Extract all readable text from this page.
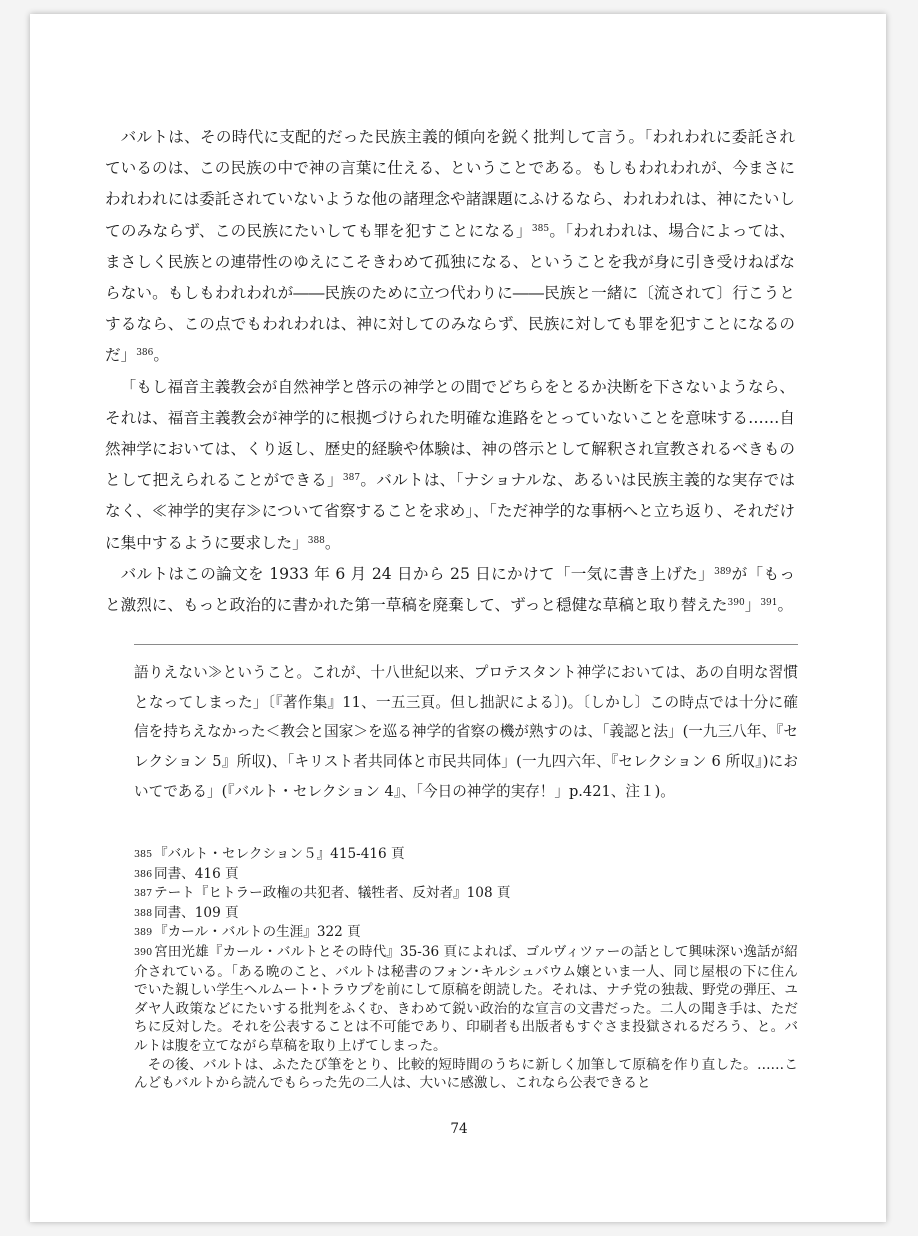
バルトは、その時代に支配的だった民族主義的傾向を鋭く批判して言う。「われわれに委託されているのは、この民族の中で神の言葉に仕える、ということである。もしもわれわれが、今まさにわれわれには委託されていないような他の諸理念や諸課題にふけるなら、われわれは、神にたいしてのみならず、この民族にたいしても罪を犯すことになる」$^{385}$。「われわれは、場合によっては、まさしく民族との連帯性のゆえにこそきわめて孤独になる、ということを我が身に引き受けねばならない。もしもわれわれが――民族のために立つ代わりに――民族と一緒に〔流されて〕行こうとするなら、この点でもわれわれは、神に対してのみならず、民族に対しても罪を犯すことになるのだ」$^{386}$。

「もし福音主義教会が自然神学と啓示の神学との間でどちらをとるか決断を下さないようなら、それは、福音主義教会が神学的に根拠づけられた明確な進路をとっていないことを意味する……自然神学においては、くり返し、歴史的経験や体験は、神の啓示として解釈され宣教されるべきものとして把えられることができる」$^{387}$。バルトは、「ナショナルな、あるいは民族主義的な実存ではなく、≪神学的実存≫について省察することを求め」、「ただ神学的な事柄へと立ち返り、それだけに集中するように要求した」$^{388}$。

バルトはこの論文を 1933 年 6 月 24 日から 25 日にかけて「一気に書き上げた」$^{389}$が「もっと激烈に、もっと政治的に書かれた第一草稿を廃棄して、ずっと穏健な草稿と取り替えた$^{390}$」$^{391}$。

語りえない≫ということ。これが、十八世紀以来、プロテスタント神学においては、あの自明な習慣となってしまった」〔『著作集』11、一五三頁。但し拙訳による〕)。〔しかし〕この時点では十分に確信を持ちえなかった＜教会と国家＞を巡る神学的省察の機が熟すのは、「義認と法」(一九三八年、『セレクション 5』所収)、「キリスト者共同体と市民共同体」(一九四六年、『セレクション 6 所収』)においてである」(『バルト・セレクション 4』、「今日の神学的実存！」p.421、注１)。

385 『バルト・セレクション５』415-416 頁

386 同書、416 頁

387 テート『ヒトラー政権の共犯者、犠牲者、反対者』108 頁

388 同書、109 頁

389 『カール・バルトの生涯』322 頁

390 宮田光雄『カール・バルトとその時代』35-36 頁によれば、ゴルヴィツァーの話として興味深い逸話が紹介されている。｢ある晩のこと、バルトは秘書のフォン･キルシュバウム嬢といま一人、同じ屋根の下に住んでいた親しい学生ヘルムート･トラウプを前にして原稿を朗読した。それは、ナチ党の独裁、野党の弾圧、ユダヤ人政策などにたいする批判をふくむ、きわめて鋭い政治的な宣言の文書だった。二人の聞き手は、ただちに反対した。それを公表することは不可能であり、印刷者も出版者もすぐさま投獄されるだろう、と。バルトは腹を立てながら草稿を取り上げてしまった。

その後、バルトは、ふたたび筆をとり、比較的短時間のうちに新しく加筆して原稿を作り直した。……こんどもバルトから読んでもらった先の二人は、大いに感激し、これなら公表できると

74
